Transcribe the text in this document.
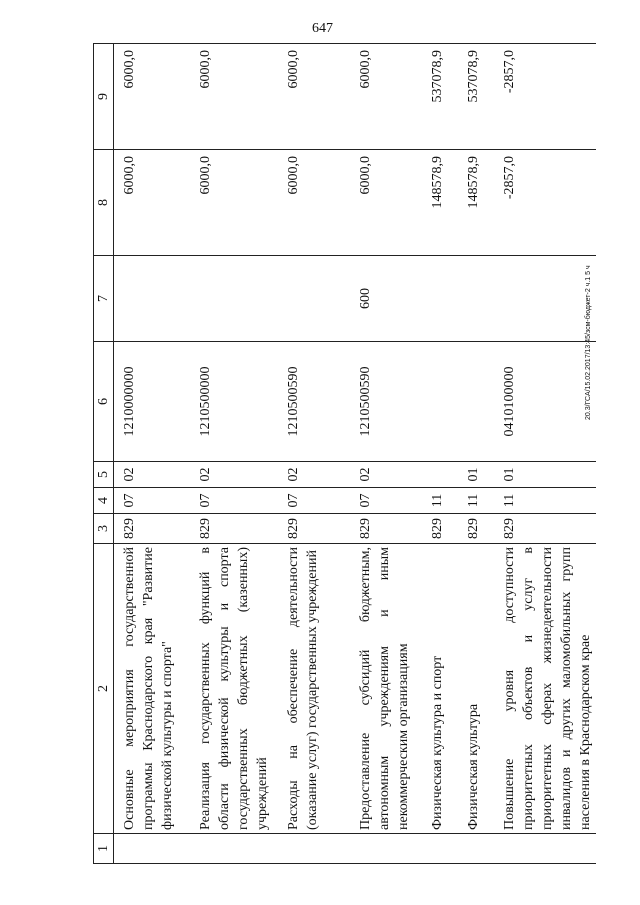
647
20.3/ГСА/15.02.2017/13:45/зсм-бюджет-2 ч.1 5 ч
1	2	3	4	5	6	7	8	9
	Основные мероприятия государственной программы Краснодарского края "Развитие физической культуры и спорта"	829	07	02	1210000000		6000,0	6000,0
	Реализация государственных функций в области физической культуры и спорта государственных бюджетных (казенных) учреждений	829	07	02	1210500000		6000,0	6000,0
	Расходы на обеспечение деятельности (оказание услуг) государственных учреждений	829	07	02	1210500590		6000,0	6000,0
	Предоставление субсидий бюджетным, автономным учреждениям и иным некоммерческим организациям	829	07	02	1210500590	600	6000,0	6000,0
	Физическая культура и спорт	829	11				148578,9	537078,9
	Физическая культура	829	11	01			148578,9	537078,9
	Повышение уровня доступности приоритетных объектов и услуг в приоритетных сферах жизнедеятельности инвалидов и других маломобильных групп населения в Краснодарском крае	829	11	01	0410100000		-2857,0	-2857,0
